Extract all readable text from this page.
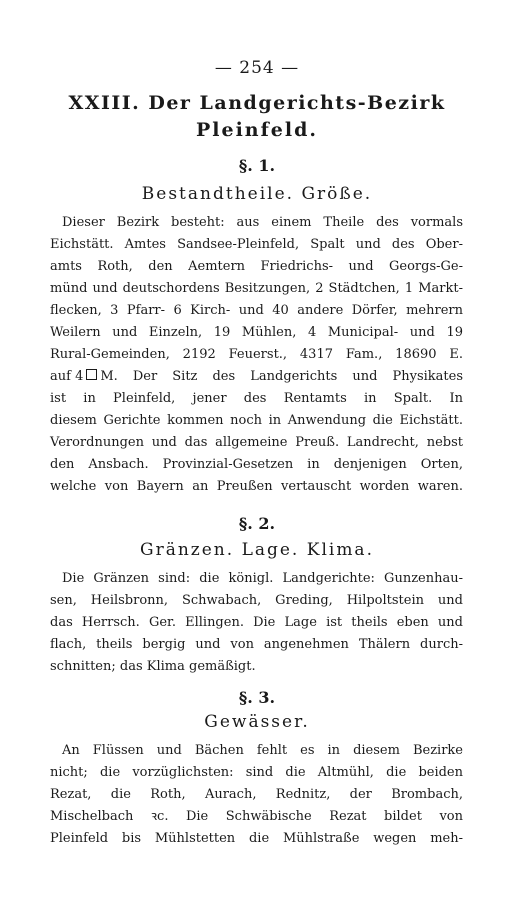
— 254 —
XXIII. Der Landgerichts-Bezirk
Pleinfeld.
§. 1.
Bestandtheile. Größe.
Dieser Bezirk besteht: aus einem Theile des vormals
Eichstätt. Amtes Sandsee-Pleinfeld, Spalt und des Ober-
amts Roth, den Aemtern Friedrichs- und Georgs-Ge-
münd und deutschordens Besitzungen, 2 Städtchen, 1 Markt-
flecken, 3 Pfarr- 6 Kirch- und 40 andere Dörfer, mehrern
Weilern und Einzeln, 19 Mühlen, 4 Municipal- und 19
Rural-Gemeinden, 2192 Feuerst., 4317 Fam., 18690 E.
auf 4 M. Der Sitz des Landgerichts und Physikates
ist in Pleinfeld, jener des Rentamts in Spalt. In
diesem Gerichte kommen noch in Anwendung die Eichstätt.
Verordnungen und das allgemeine Preuß. Landrecht, nebst
den Ansbach. Provinzial-Gesetzen in denjenigen Orten,
welche von Bayern an Preußen vertauscht worden waren.
§. 2.
Gränzen. Lage. Klima.
Die Gränzen sind: die königl. Landgerichte: Gunzenhau-
sen, Heilsbronn, Schwabach, Greding, Hilpoltstein und
das Herrsch. Ger. Ellingen. Die Lage ist theils eben und
flach, theils bergig und von angenehmen Thälern durch-
schnitten; das Klima gemäßigt.
§. 3.
Gewässer.
An Flüssen und Bächen fehlt es in diesem Bezirke
nicht; die vorzüglichsten: sind die Altmühl, die beiden
Rezat, die Roth, Aurach, Rednitz, der Brombach,
Mischelbach ꝛc. Die Schwäbische Rezat bildet von
Pleinfeld bis Mühlstetten die Mühlstraße wegen meh-
